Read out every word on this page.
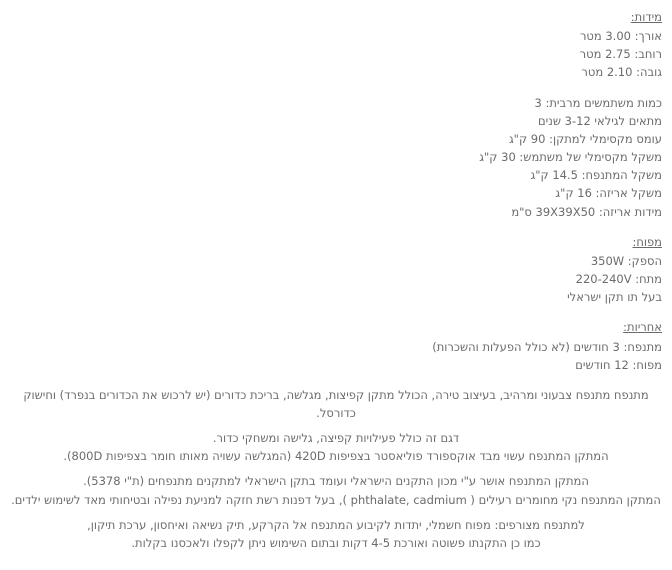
מידות:
אורך: 3.00 מטר
רוחב: 2.75 מטר
גובה: 2.10 מטר
כמות משתמשים מרבית: 3
מתאים לגילאי 3-12 שנים
עומס מקסימלי למתקן: 90 ק"ג
משקל מקסימלי של משתמש: 30 ק"ג
משקל המתנפח: 14.5 ק"ג
משקל אריזה: 16 ק"ג
מידות אריזה: 39X39X50 ס"מ
מפוח:
הספק: 350W
מתח: 220-240V
בעל תו תקן ישראלי
אחריות:
מתנפח: 3 חודשים (לא כולל הפעלות והשכרות)
מפוח: 12 חודשים
מתנפח מתנפח צבעוני ומרהיב, בעיצוב טירה, הכולל מתקן קפיצות, מגלשה, בריכת כדורים (יש לרכוש את הכדורים בנפרד) וחישוק כדורסל.
דגם זה כולל פעילויות קפיצה, גלישה ומשחקי כדור.
המתקן המתנפח עשוי מבד אוקספורד פוליאסטר בצפיפות 420D (המגלשה עשויה מאותו חומר בצפיפות 800D).
המתקן המתנפח אושר ע"י מכון התקנים הישראלי ועומד בתקן הישראלי למתקנים מתנפחים (ת"י 5378).
המתקן המתנפח נקי מחומרים רעילים ( phthalate, cadmium ), בעל דפנות רשת חזקה למניעת נפילה ובטיחותי מאד לשימוש ילדים.
למתנפח מצורפים: מפוח חשמלי, יתדות לקיבוע המתנפח אל הקרקע, תיק נשיאה ואיחסון, ערכת תיקון,
כמו כן התקנתו פשוטה ואורכת 4-5 דקות ובתום השימוש ניתן לקפלו ולאכסנו בקלות.
